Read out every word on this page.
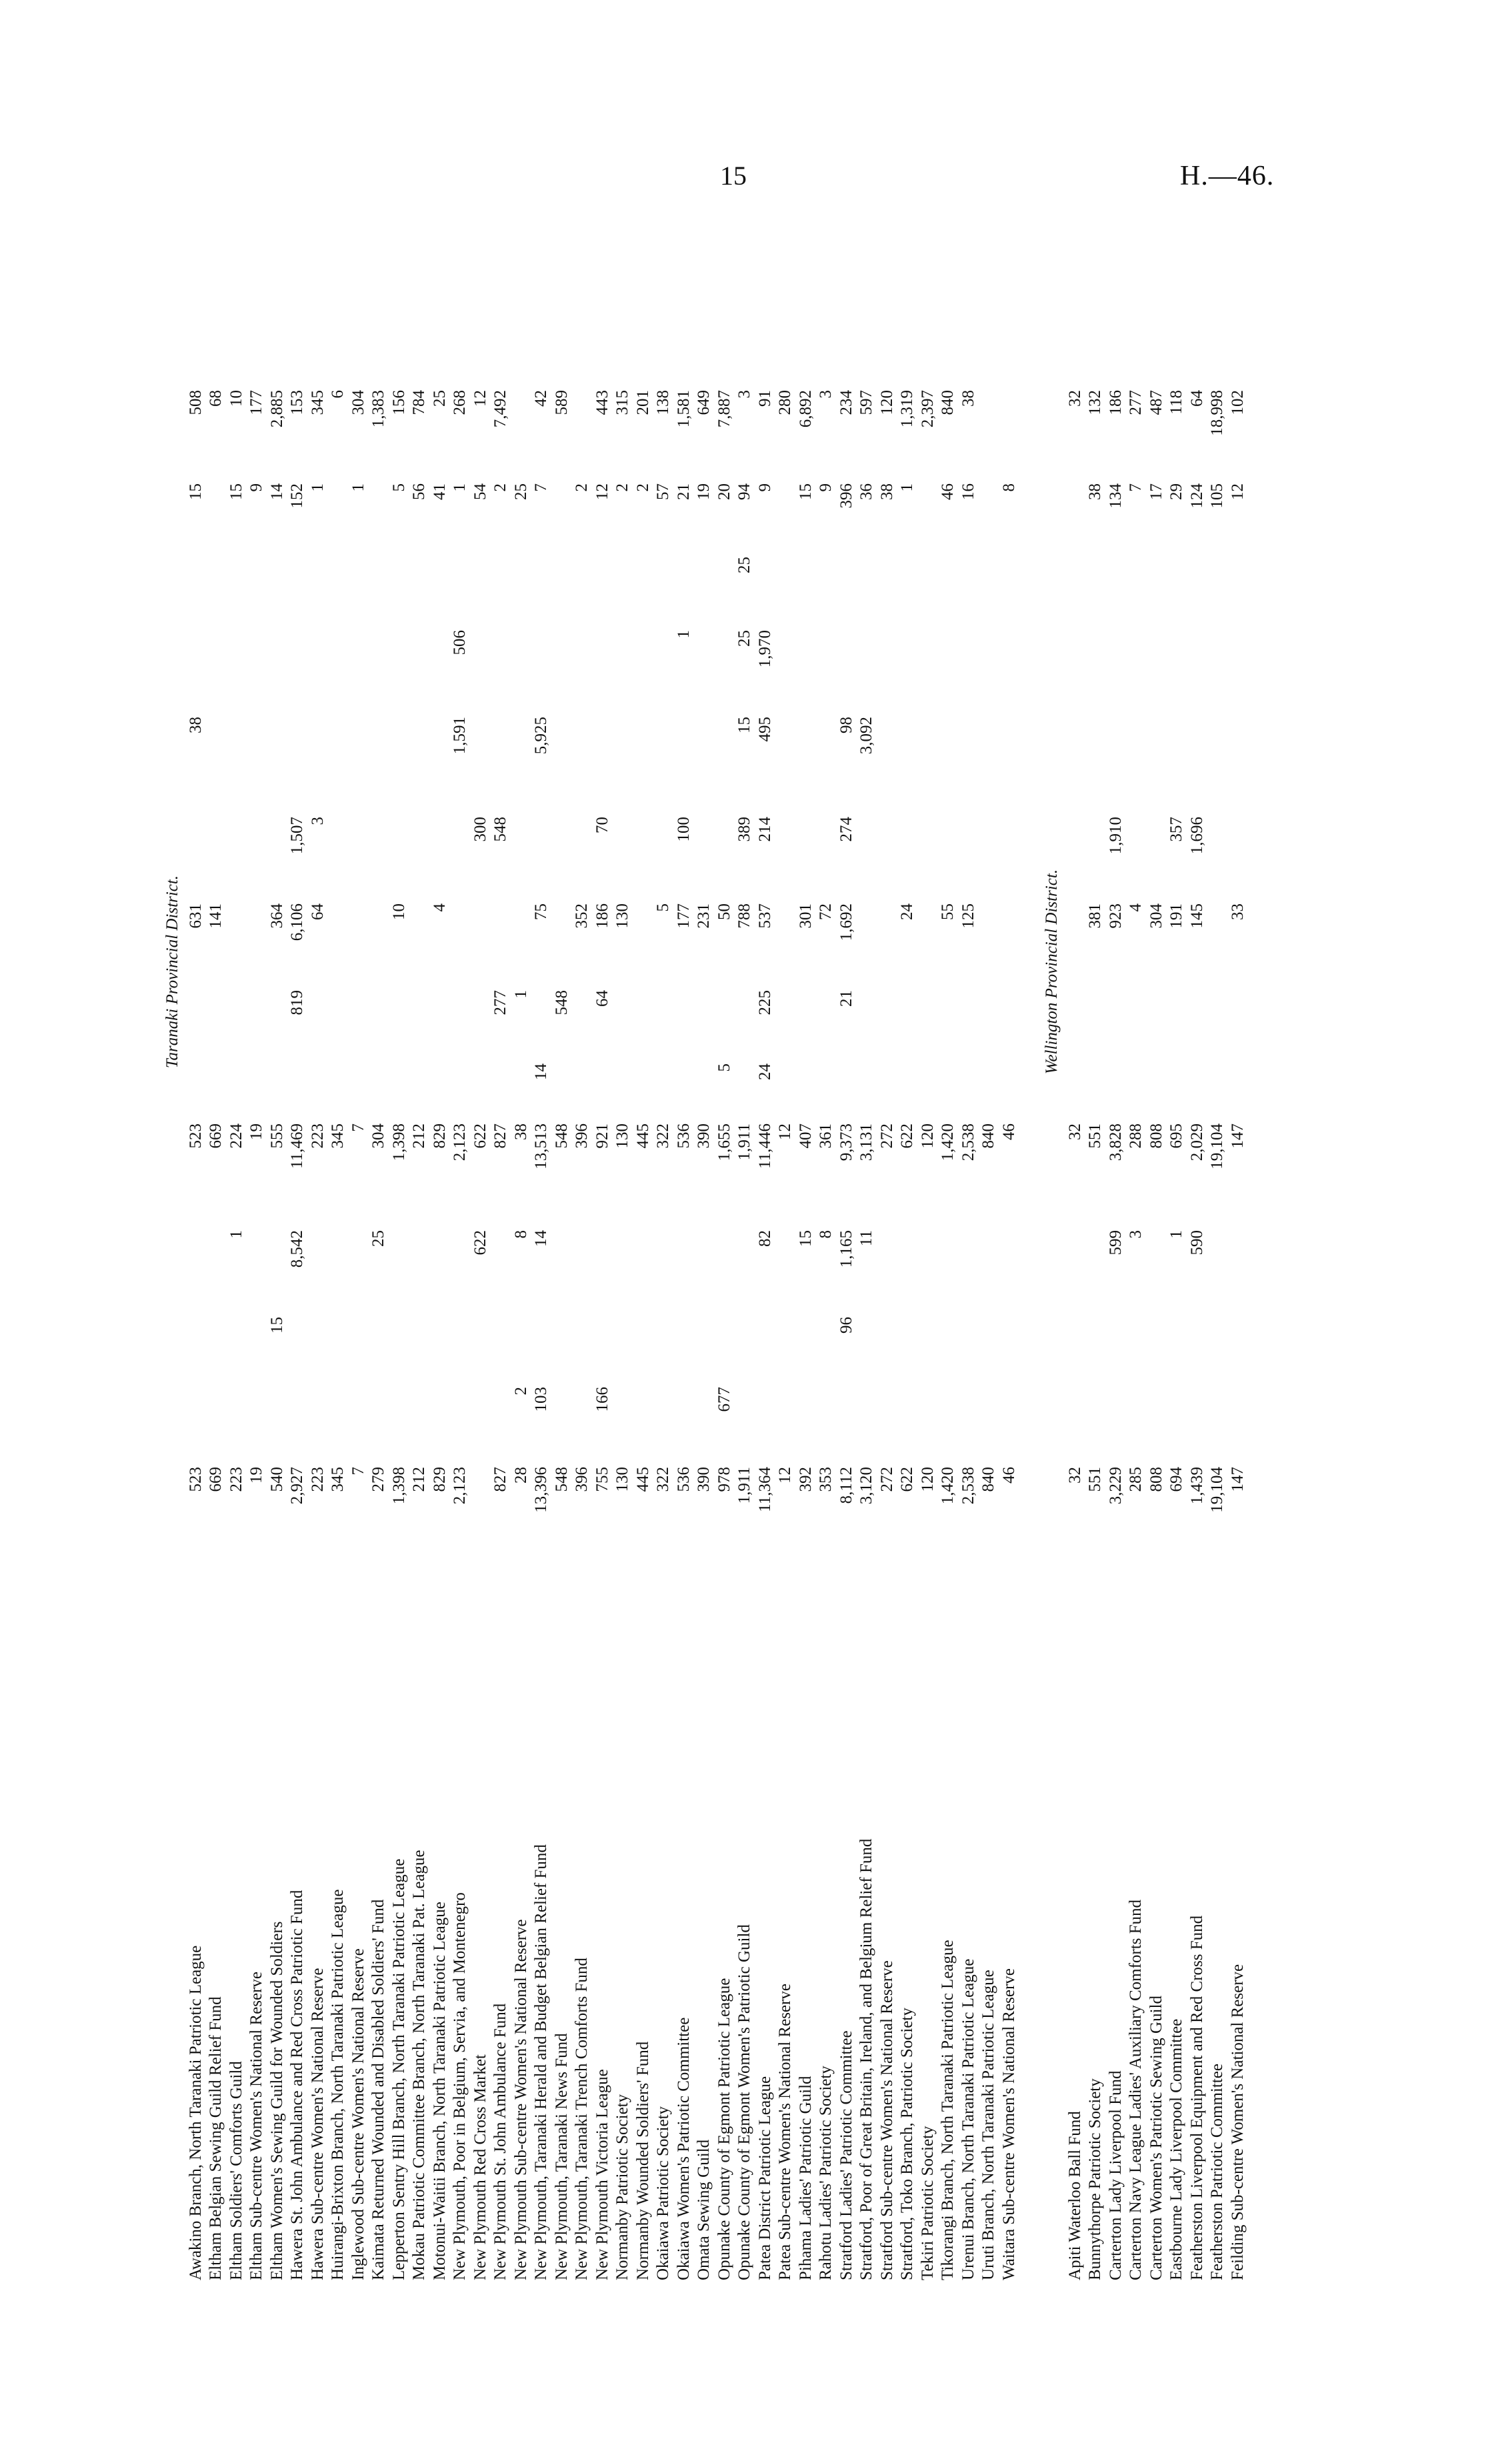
15	H.—46.
	Taranaki Provincial District.													
Awakino Branch, North Taranaki Patriotic League	523				523			631		38			15	508
Eltham Belgian Sewing Guild Relief Fund	669				669			141						68
Eltham Soldiers' Comforts Guild	223			1	224								15	10
Eltham Sub-centre Women's National Reserve	19				19								9	177
Eltham Women's Sewing Guild for Wounded Soldiers	540		15		555			364					14	2,885
Hawera St. John Ambulance and Red Cross Patriotic Fund	2,927			8,542	11,469		819	6,106	1,507				152	153
Hawera Sub-centre Women's National Reserve	223				223			64	3				1	345
Huirangi-Brixton Branch, North Taranaki Patriotic League	345				345									6
Inglewood Sub-centre Women's National Reserve	7				7								1	304
Kaimata Returned Wounded and Disabled Soldiers' Fund	279			25	304									1,383
Lepperton Sentry Hill Branch, North Taranaki Patriotic League	1,398				1,398			10					5	156
Mokau Patriotic Committee Branch, North Taranaki Pat. League	212				212								56	784
Motonui-Waitii Branch, North Taranaki Patriotic League	829				829			4					41	25
New Plymouth, Poor in Belgium, Servia, and Montenegro	2,123				2,123					1,591	506		1	268
New Plymouth Red Cross Market				622	622				300				54	12
New Plymouth St. John Ambulance Fund	827				827		277		548				2	7,492
New Plymouth Sub-centre Women's National Reserve	28	2		8	38		1						25	
New Plymouth, Taranaki Herald and Budget Belgian Relief Fund	13,396	103		14	13,513	14		75		5,925			7	42
New Plymouth, Taranaki News Fund	548				548		548							589
New Plymouth, Taranaki Trench Comforts Fund	396				396			352					2	
New Plymouth Victoria League	755	166			921		64	186	70				12	443
Normanby Patriotic Society	130				130			130					2	315
Normanby Wounded Soldiers' Fund	445				445								2	201
Okaiawa Patriotic Society	322				322			5					57	138
Okaiawa Women's Patriotic Committee	536				536			177	100		1		21	1,581
Omata Sewing Guild	390				390			231					19	649
Opunake County of Egmont Patriotic League	978	677			1,655	5		50					20	7,887
Opunake County of Egmont Women's Patriotic Guild	1,911				1,911			788	389	15	25	25	94	3
Patea District Patriotic League	11,364			82	11,446	24	225	537	214	495	1,970		9	91
Patea Sub-centre Women's National Reserve	12				12									280
Pihama Ladies' Patriotic Guild	392			15	407			301					15	6,892
Rahotu Ladies' Patriotic Society	353			8	361			72					9	3
Stratford Ladies' Patriotic Committee	8,112		96	1,165	9,373		21	1,692	274	98			396	234
Stratford, Poor of Great Britain, Ireland, and Belgium Relief Fund	3,120			11	3,131					3,092			36	597
Stratford Sub-centre Women's National Reserve	272				272								38	120
Stratford, Toko Branch, Patriotic Society	622				622			24					1	1,319
Tekiri Patriotic Society	120				120									2,397
Tikorangi Branch, North Taranaki Patriotic League	1,420				1,420			55					46	840
Urenui Branch, North Taranaki Patriotic League	2,538				2,538			125					16	38
Uruti Branch, North Taranaki Patriotic League	840				840									
Waitara Sub-centre Women's National Reserve	46				46								8	

	Wellington Provincial District.													
Apiti Waterloo Ball Fund	32				32									32
Bunnythorpe Patriotic Society	551				551			381					38	132
Carterton Lady Liverpool Fund	3,229			599	3,828			923	1,910				134	186
Carterton Navy League Ladies' Auxiliary Comforts Fund	285			3	288			4					7	277
Carterton Women's Patriotic Sewing Guild	808				808			304					17	487
Eastbourne Lady Liverpool Committee	694			1	695			191	357				29	118
Featherston Liverpool Equipment and Red Cross Fund	1,439			590	2,029			145	1,696				124	64
Featherston Patriotic Committee	19,104				19,104								105	18,998
Feilding Sub-centre Women's National Reserve	147				147			33					12	102
